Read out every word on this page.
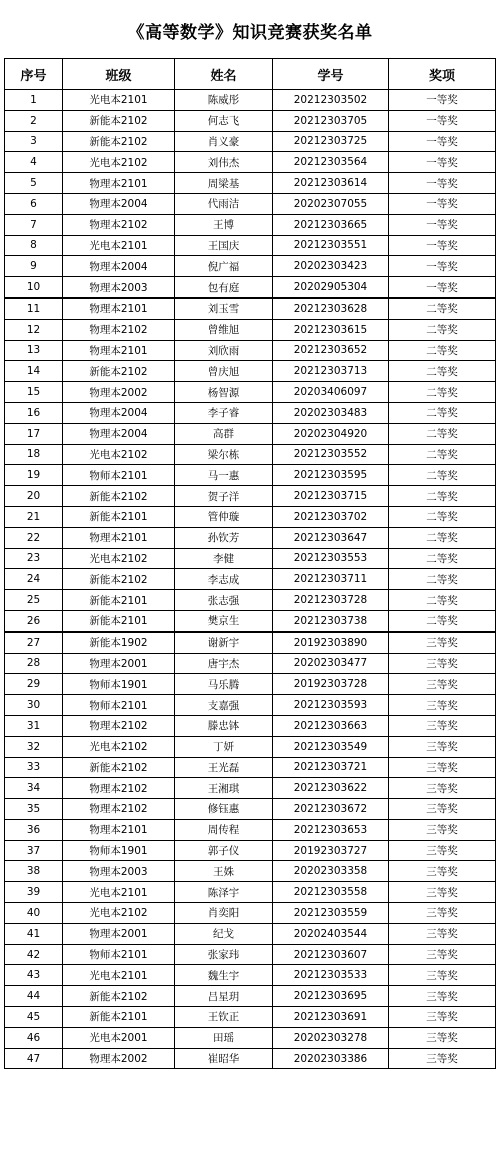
《高等数学》知识竞赛获奖名单
序号	班级	姓名	学号	奖项
1	光电本2101	陈威彤	20212303502	一等奖
2	新能本2102	何志飞	20212303705	一等奖
3	新能本2102	肖义豪	20212303725	一等奖
4	光电本2102	刘伟杰	20212303564	一等奖
5	物理本2101	周梁基	20212303614	一等奖
6	物理本2004	代雨洁	20202307055	一等奖
7	物理本2102	王博	20212303665	一等奖
8	光电本2101	王国庆	20212303551	一等奖
9	物理本2004	倪广福	20202303423	一等奖
10	物理本2003	包有庭	20202905304	一等奖
11	物理本2101	刘玉雪	20212303628	二等奖
12	物理本2102	曾维旭	20212303615	二等奖
13	物理本2101	刘欣雨	20212303652	二等奖
14	新能本2102	曾庆旭	20212303713	二等奖
15	物理本2002	杨智源	20203406097	二等奖
16	物理本2004	李子睿	20202303483	二等奖
17	物理本2004	高群	20202304920	二等奖
18	光电本2102	梁尔栋	20212303552	二等奖
19	物师本2101	马一惠	20212303595	二等奖
20	新能本2102	贺子洋	20212303715	二等奖
21	新能本2101	管仲璇	20212303702	二等奖
22	物理本2101	孙钦芳	20212303647	二等奖
23	光电本2102	李健	20212303553	二等奖
24	新能本2102	李志成	20212303711	二等奖
25	新能本2101	张志强	20212303728	二等奖
26	新能本2101	樊京生	20212303738	二等奖
27	新能本1902	谢新宇	20192303890	三等奖
28	物理本2001	唐宇杰	20202303477	三等奖
29	物师本1901	马乐腾	20192303728	三等奖
30	物师本2101	支嘉强	20212303593	三等奖
31	物理本2102	滕忠钵	20212303663	三等奖
32	光电本2102	丁妍	20212303549	三等奖
33	新能本2102	王光磊	20212303721	三等奖
34	物理本2102	王湘琪	20212303622	三等奖
35	物理本2102	修钰惠	20212303672	三等奖
36	物理本2101	周传程	20212303653	三等奖
37	物师本1901	郭子仪	20192303727	三等奖
38	物理本2003	王姝	20202303358	三等奖
39	光电本2101	陈泽宇	20212303558	三等奖
40	光电本2102	肖奕阳	20212303559	三等奖
41	物理本2001	纪戈	20202403544	三等奖
42	物师本2101	张家玮	20212303607	三等奖
43	光电本2101	魏生宇	20212303533	三等奖
44	新能本2102	吕星玥	20212303695	三等奖
45	新能本2101	王钦正	20212303691	三等奖
46	光电本2001	田瑶	20202303278	三等奖
47	物理本2002	崔昭华	20202303386	三等奖
